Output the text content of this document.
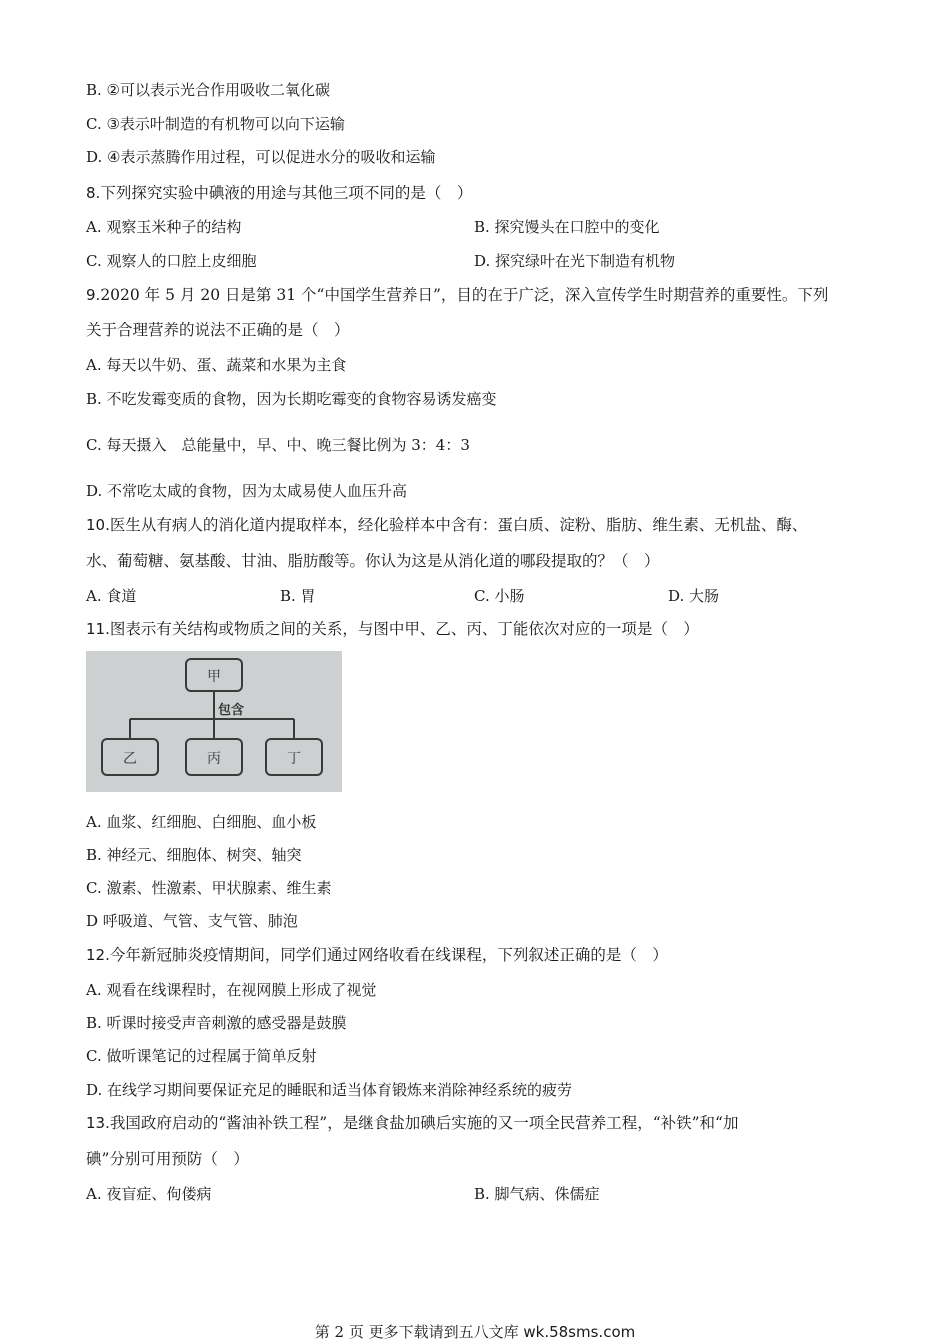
B. ②可以表示光合作用吸收二氧化碳
C. ③表示叶制造的有机物可以向下运输
D. ④表示蒸腾作用过程，可以促进水分的吸收和运输
8.下列探究实验中碘液的用途与其他三项不同的是（　）
A. 观察玉米种子的结构	B. 探究馒头在口腔中的变化
C. 观察人的口腔上皮细胞	D. 探究绿叶在光下制造有机物
9.2020 年 5 月 20 日是第 31 个“中国学生营养日”，目的在于广泛，深入宣传学生时期营养的重要性。下列
关于合理营养的说法不正确的是（　）
A. 每天以牛奶、蛋、蔬菜和水果为主食
B. 不吃发霉变质的食物，因为长期吃霉变的食物容易诱发癌变
C. 每天摄入　总能量中，早、中、晚三餐比例为 3：4：3
D. 不常吃太咸的食物，因为太咸易使人血压升高
10.医生从有病人的消化道内提取样本，经化验样本中含有：蛋白质、淀粉、脂肪、维生素、无机盐、酶、
水、葡萄糖、氨基酸、甘油、脂肪酸等。你认为这是从消化道的哪段提取的？（　）
A. 食道	B. 胃	C. 小肠	D. 大肠
11.图表示有关结构或物质之间的关系，与图中甲、乙、丙、丁能依次对应的一项是（　）
甲
包含
乙	丙	丁
A. 血浆、红细胞、白细胞、血小板
B. 神经元、细胞体、树突、轴突
C. 激素、性激素、甲状腺素、维生素
D 呼吸道、气管、支气管、肺泡
12.今年新冠肺炎疫情期间，同学们通过网络收看在线课程，下列叙述正确的是（　）
A. 观看在线课程时，在视网膜上形成了视觉
B. 听课时接受声音刺激的感受器是鼓膜
C. 做听课笔记的过程属于简单反射
D. 在线学习期间要保证充足的睡眠和适当体育锻炼来消除神经系统的疲劳
13.我国政府启动的“酱油补铁工程”，是继食盐加碘后实施的又一项全民营养工程，“补铁”和“加
碘”分别可用预防（　）
A. 夜盲症、佝偻病	B. 脚气病、侏儒症
第 2 页 更多下载请到五八文库 wk.58sms.com
